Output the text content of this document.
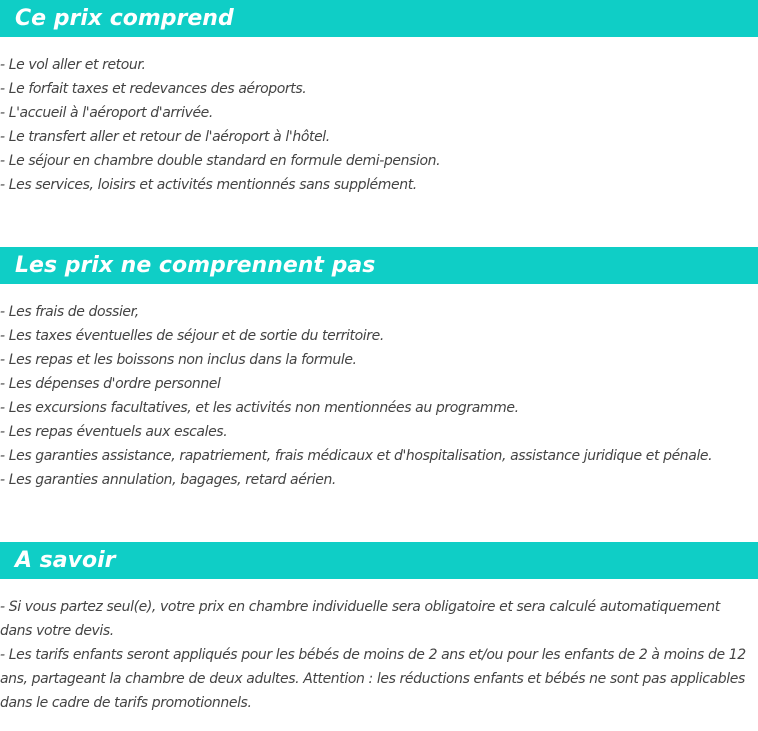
Ce prix comprend
- Le vol aller et retour.
- Le forfait taxes et redevances des aéroports.
- L'accueil à l'aéroport d'arrivée.
- Le transfert aller et retour de l'aéroport à l'hôtel.
- Le séjour en chambre double standard en formule demi-pension.
- Les services, loisirs et activités mentionnés sans supplément.
Les prix ne comprennent pas
- Les frais de dossier,
- Les taxes éventuelles de séjour et de sortie du territoire.
- Les repas et les boissons non inclus dans la formule.
- Les dépenses d'ordre personnel
- Les excursions facultatives, et les activités non mentionnées au programme.
- Les repas éventuels aux escales.
- Les garanties assistance, rapatriement, frais médicaux et d'hospitalisation, assistance juridique et pénale.
- Les garanties annulation, bagages, retard aérien.
A savoir

- Si vous partez seul(e), votre prix en chambre individuelle sera obligatoire et sera calculé automatiquement dans votre devis.

- Les tarifs enfants seront appliqués pour les bébés de moins de 2 ans et/ou pour les enfants de 2 à moins de 12 ans, partageant la chambre de deux adultes. Attention : les réductions enfants et bébés ne sont pas applicables dans le cadre de tarifs promotionnels.
